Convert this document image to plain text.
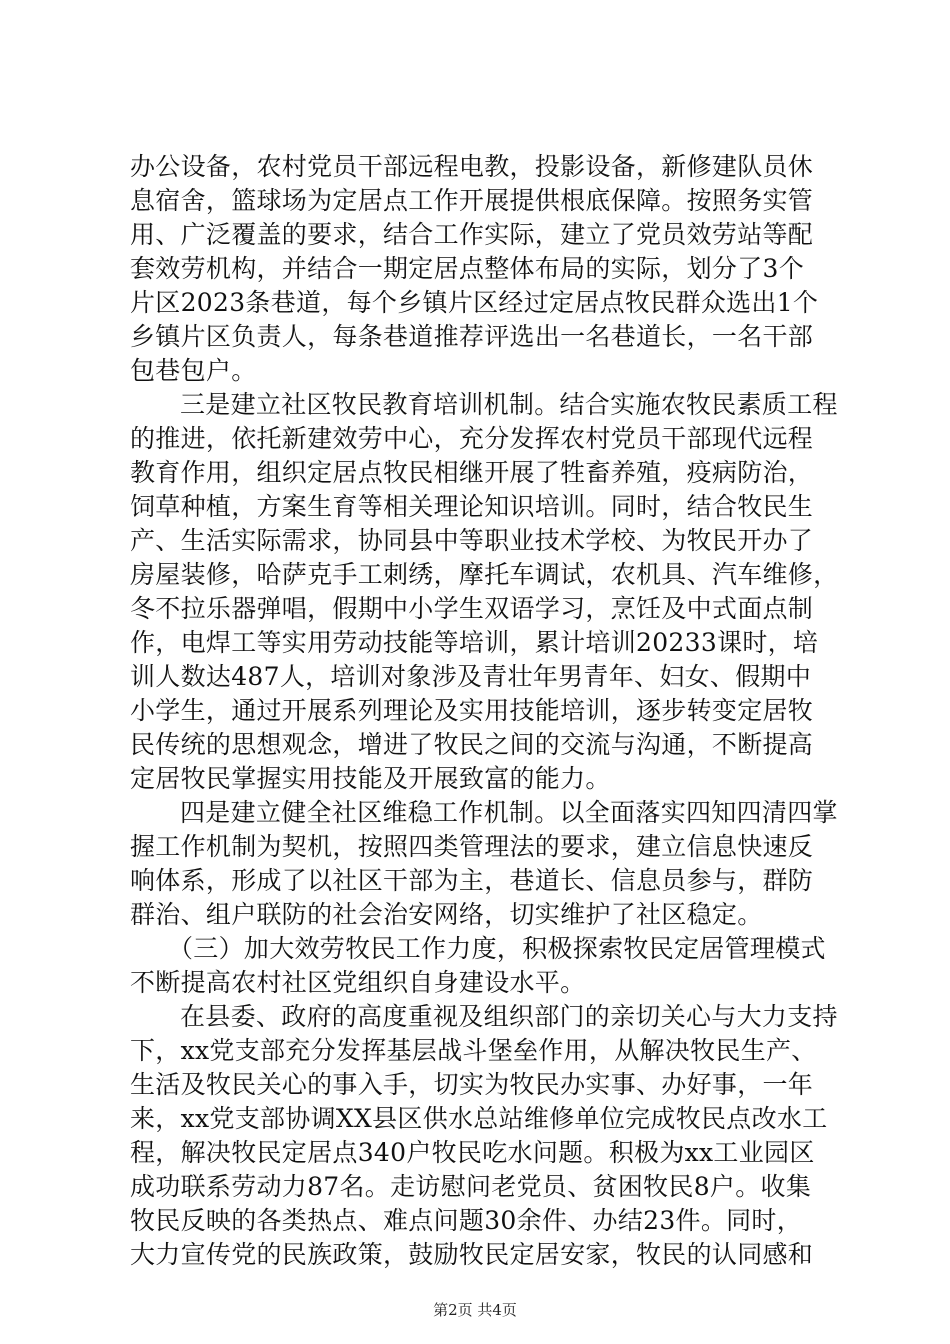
办公设备，农村党员干部远程电教，投影设备，新修建队员休
息宿舍，篮球场为定居点工作开展提供根底保障。按照务实管
用、广泛覆盖的要求，结合工作实际，建立了党员效劳站等配
套效劳机构，并结合一期定居点整体布局的实际，划分了3个
片区2023条巷道，每个乡镇片区经过定居点牧民群众选出1个
乡镇片区负责人，每条巷道推荐评选出一名巷道长，一名干部
包巷包户。
三是建立社区牧民教育培训机制。结合实施农牧民素质工程
的推进，依托新建效劳中心，充分发挥农村党员干部现代远程
教育作用，组织定居点牧民相继开展了牲畜养殖，疫病防治，
饲草种植，方案生育等相关理论知识培训。同时，结合牧民生
产、生活实际需求，协同县中等职业技术学校、为牧民开办了
房屋装修，哈萨克手工刺绣，摩托车调试，农机具、汽车维修，
冬不拉乐器弹唱，假期中小学生双语学习，烹饪及中式面点制
作，电焊工等实用劳动技能等培训，累计培训20233课时，培
训人数达487人，培训对象涉及青壮年男青年、妇女、假期中
小学生，通过开展系列理论及实用技能培训，逐步转变定居牧
民传统的思想观念，增进了牧民之间的交流与沟通，不断提高
定居牧民掌握实用技能及开展致富的能力。
四是建立健全社区维稳工作机制。以全面落实四知四清四掌
握工作机制为契机，按照四类管理法的要求，建立信息快速反
响体系，形成了以社区干部为主，巷道长、信息员参与，群防
群治、组户联防的社会治安网络，切实维护了社区稳定。
（三）加大效劳牧民工作力度，积极探索牧民定居管理模式
不断提高农村社区党组织自身建设水平。
在县委、政府的高度重视及组织部门的亲切关心与大力支持
下，xx党支部充分发挥基层战斗堡垒作用，从解决牧民生产、
生活及牧民关心的事入手，切实为牧民办实事、办好事，一年
来，xx党支部协调XX县区供水总站维修单位完成牧民点改水工
程，解决牧民定居点340户牧民吃水问题。积极为xx工业园区
成功联系劳动力87名。走访慰问老党员、贫困牧民8户。收集
牧民反映的各类热点、难点问题30余件、办结23件。同时，
大力宣传党的民族政策，鼓励牧民定居安家，牧民的认同感和
第2页 共4页
